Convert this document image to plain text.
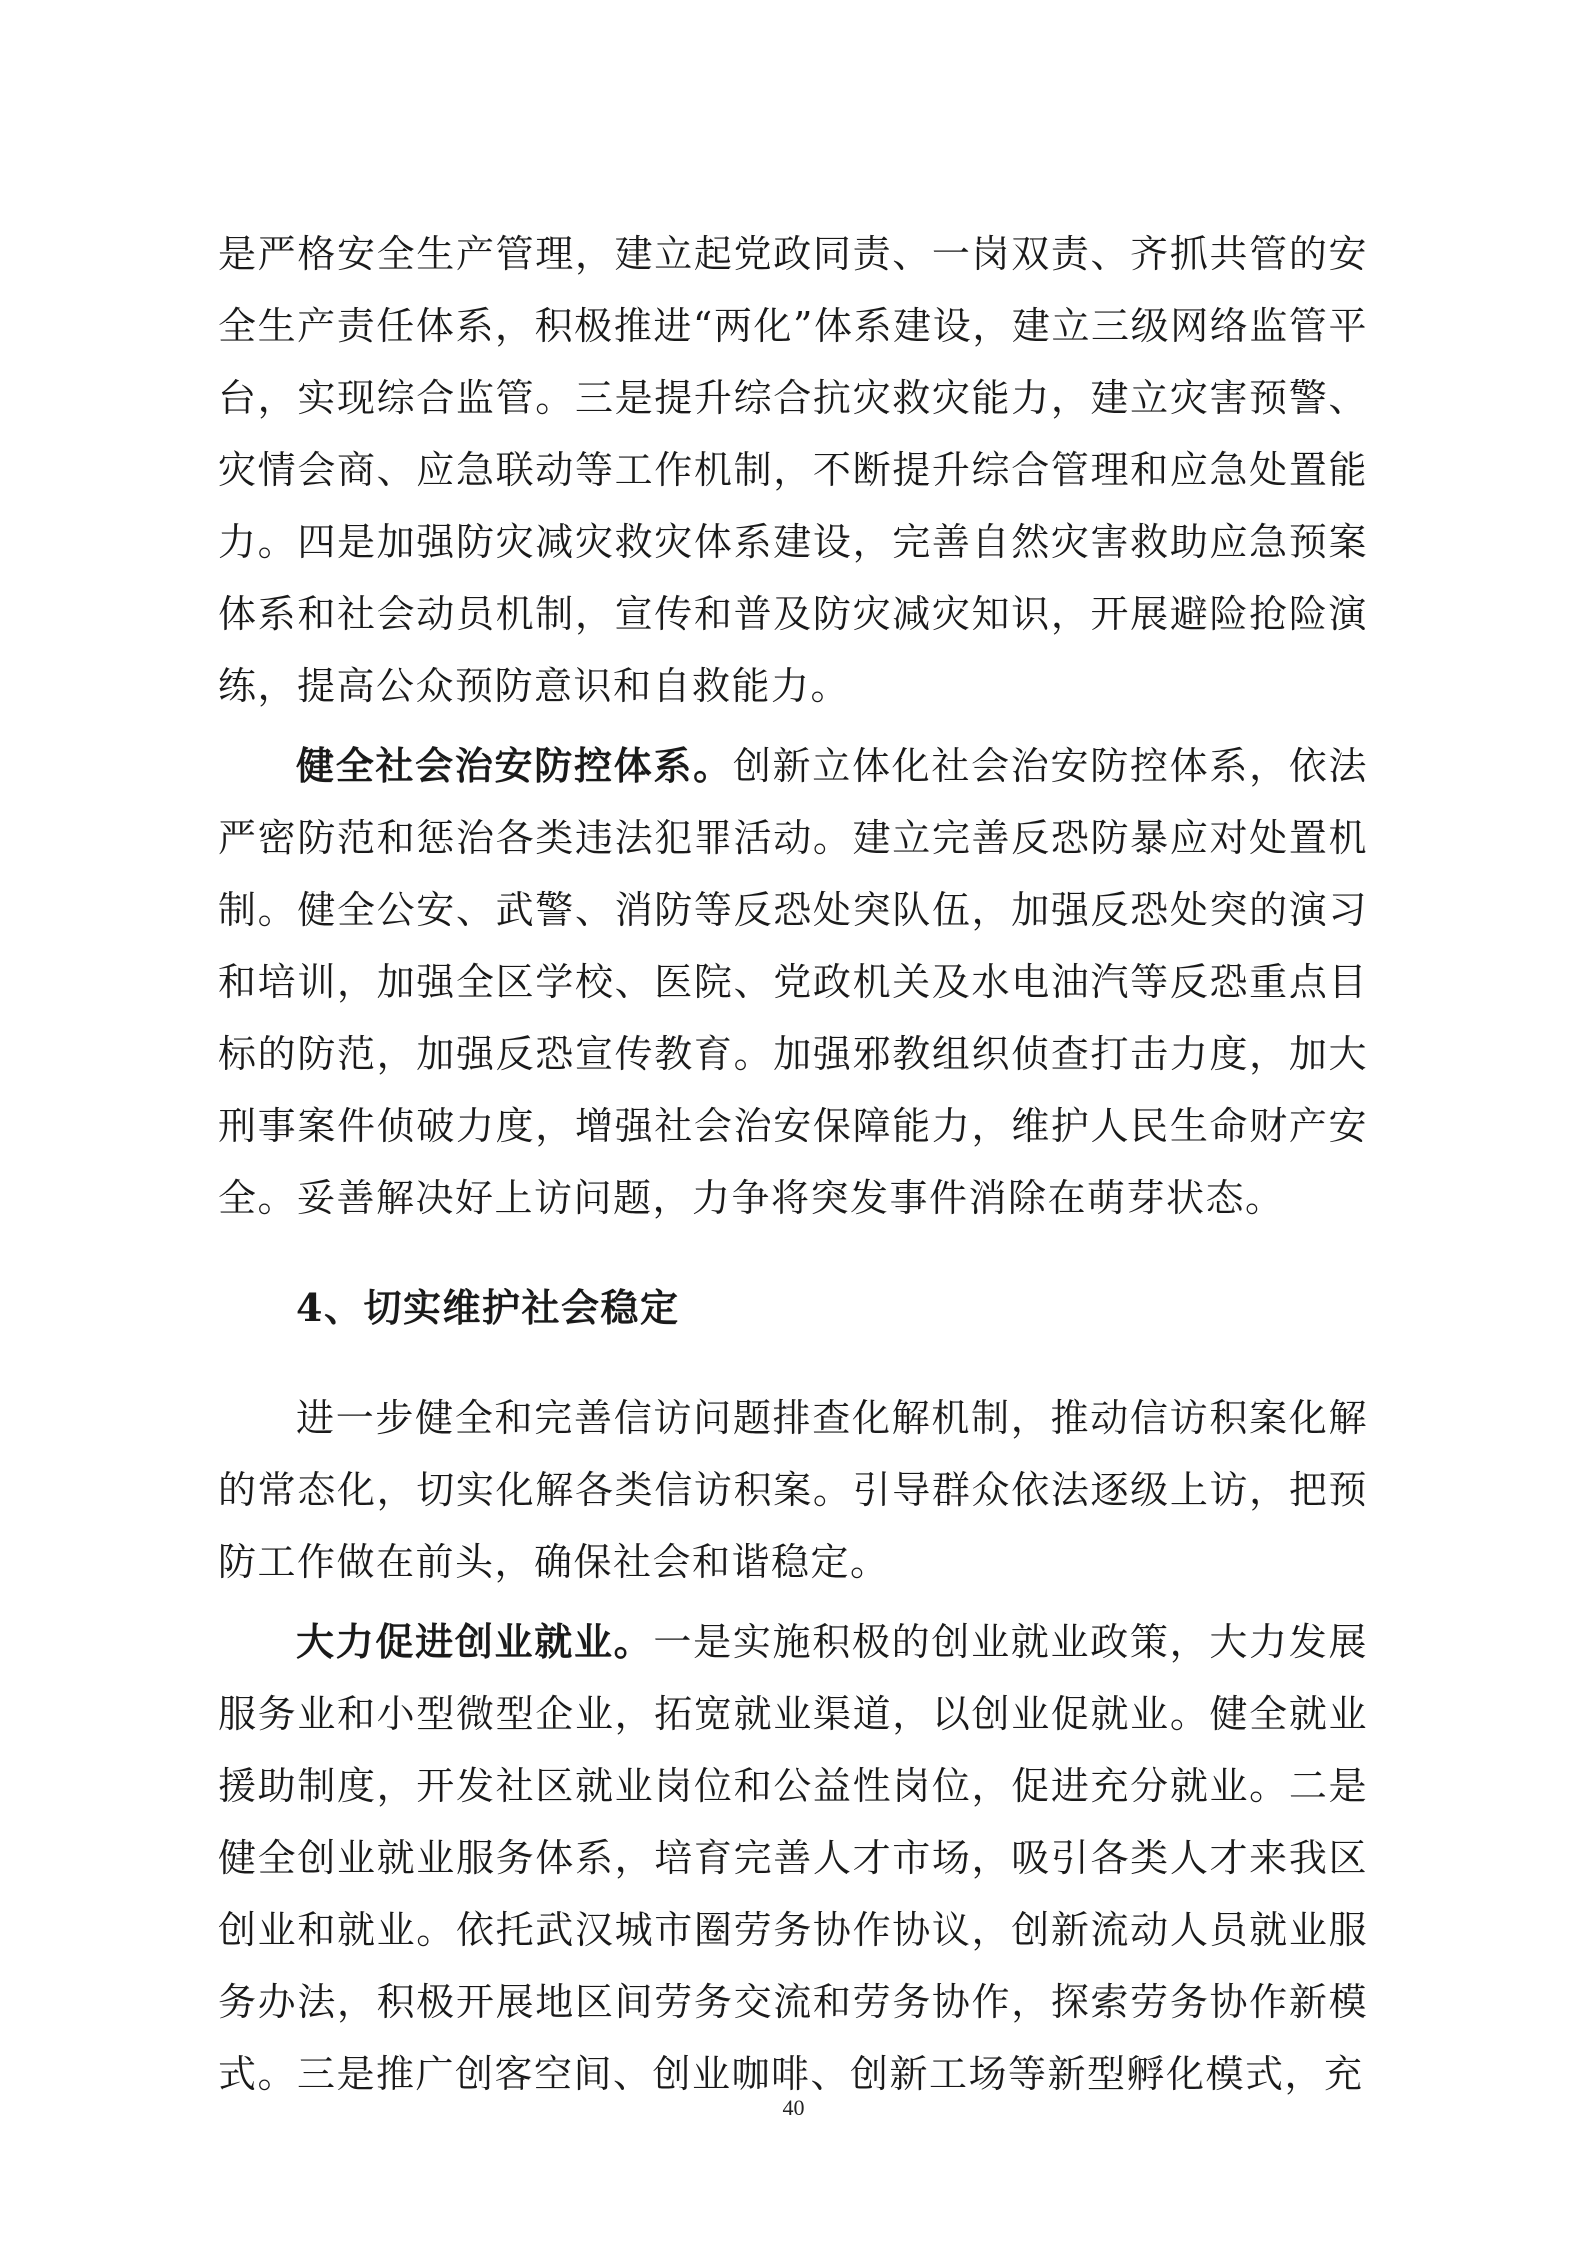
是严格安全生产管理，建立起党政同责、一岗双责、齐抓共管的安全生产责任体系，积极推进“两化”体系建设，建立三级网络监管平台，实现综合监管。三是提升综合抗灾救灾能力，建立灾害预警、灾情会商、应急联动等工作机制，不断提升综合管理和应急处置能力。四是加强防灾减灾救灾体系建设，完善自然灾害救助应急预案体系和社会动员机制，宣传和普及防灾减灾知识，开展避险抢险演练，提高公众预防意识和自救能力。

健全社会治安防控体系。创新立体化社会治安防控体系，依法严密防范和惩治各类违法犯罪活动。建立完善反恐防暴应对处置机制。健全公安、武警、消防等反恐处突队伍，加强反恐处突的演习和培训，加强全区学校、医院、党政机关及水电油汽等反恐重点目标的防范，加强反恐宣传教育。加强邪教组织侦查打击力度，加大刑事案件侦破力度，增强社会治安保障能力，维护人民生命财产安全。妥善解决好上访问题，力争将突发事件消除在萌芽状态。

4、切实维护社会稳定

进一步健全和完善信访问题排查化解机制，推动信访积案化解的常态化，切实化解各类信访积案。引导群众依法逐级上访，把预防工作做在前头，确保社会和谐稳定。

大力促进创业就业。一是实施积极的创业就业政策，大力发展服务业和小型微型企业，拓宽就业渠道，以创业促就业。健全就业援助制度，开发社区就业岗位和公益性岗位，促进充分就业。二是健全创业就业服务体系，培育完善人才市场，吸引各类人才来我区创业和就业。依托武汉城市圈劳务协作协议，创新流动人员就业服务办法，积极开展地区间劳务交流和劳务协作，探索劳务协作新模式。三是推广创客空间、创业咖啡、创新工场等新型孵化模式，充

40
